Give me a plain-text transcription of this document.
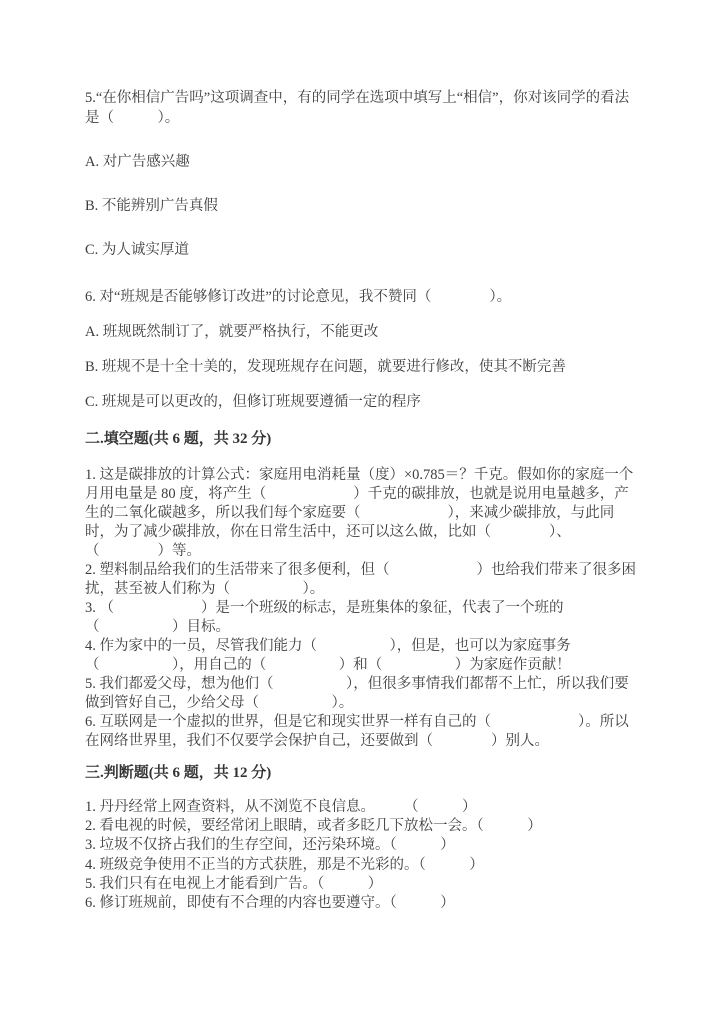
5.“在你相信广告吗”这项调查中，有的同学在选项中填写上“相信”，你对该同学的看法是（　　　）。

A. 对广告感兴趣

B. 不能辨别广告真假

C. 为人诚实厚道

6. 对“班规是否能够修订改进”的讨论意见，我不赞同（　　　　）。

A. 班规既然制订了，就要严格执行，不能更改

B. 班规不是十全十美的，发现班规存在问题，就要进行修改，使其不断完善

C. 班规是可以更改的，但修订班规要遵循一定的程序

二.填空题(共 6 题，共 32 分)

1. 这是碳排放的计算公式：家庭用电消耗量（度）×0.785＝？千克。假如你的家庭一个月用电量是 80 度，将产生（　　　　　　）千克的碳排放，也就是说用电量越多，产生的二氧化碳越多，所以我们每个家庭要（　　　　　　），来减少碳排放，与此同时，为了减少碳排放，你在日常生活中，还可以这么做，比如（　　　　）、（　　　　）等。

2. 塑料制品给我们的生活带来了很多便利，但（　　　　　　）也给我们带来了很多困扰，甚至被人们称为（　　　　　）。

3. （　　　　　　）是一个班级的标志，是班集体的象征，代表了一个班的（　　　　　）目标。

4. 作为家中的一员，尽管我们能力（　　　　　），但是，也可以为家庭事务（　　　　　），用自己的（　　　　　）和（　　　　　）为家庭作贡献！

5. 我们都爱父母，想为他们（　　　　　），但很多事情我们都帮不上忙，所以我们要做到管好自己，少给父母（　　　　　）。

6. 互联网是一个虚拟的世界，但是它和现实世界一样有自己的（　　　　　　）。所以在网络世界里，我们不仅要学会保护自己，还要做到（　　　　）别人。

三.判断题(共 6 题，共 12 分)

1. 丹丹经常上网查资料，从不浏览不良信息。　　　（　　　）

2. 看电视的时候，要经常闭上眼睛，或者多眨几下放松一会。（　　　）

3. 垃圾不仅挤占我们的生存空间，还污染环境。（　　　）

4. 班级竞争使用不正当的方式获胜，那是不光彩的。（　　　）

5. 我们只有在电视上才能看到广告。（　　　）

6. 修订班规前，即使有不合理的内容也要遵守。（　　　）
